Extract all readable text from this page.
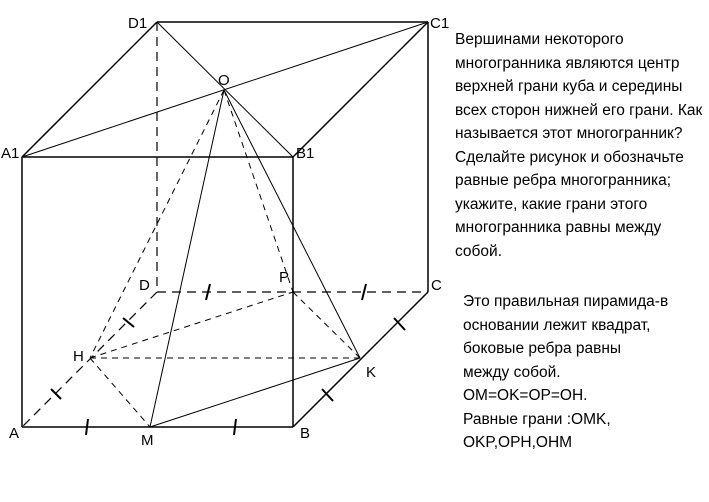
D1	C1
A1	B1
O
D	C
P
H
K
A	M	B

Вершинами некоторого многогранника являются центр верхней грани куба и середины всех сторон нижней его грани. Как называется этот многогранник? Сделайте рисунок и обозначьте равные ребра многогранника; укажите, какие грани этого многогранника равны между собой.

Это правильная пирамида-в
основании лежит квадрат,
боковые ребра равны
между собой.
OM=OK=OP=OH.
Равные грани :OMK,
OKP,OPH,OHM
